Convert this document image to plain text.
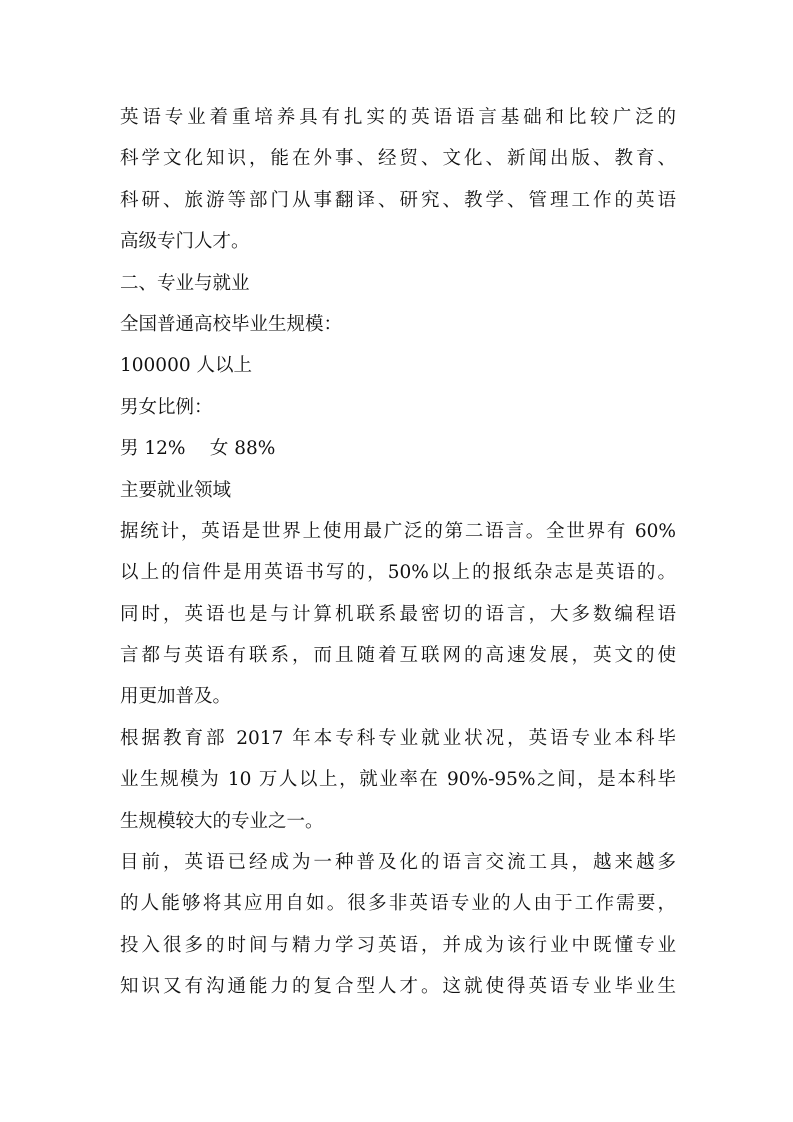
英语专业着重培养具有扎实的英语语言基础和比较广泛的
科学文化知识，能在外事、经贸、文化、新闻出版、教育、
科研、旅游等部门从事翻译、研究、教学、管理工作的英语
高级专门人才。
二、专业与就业
全国普通高校毕业生规模：
100000 人以上
男女比例：
男 12%　 女 88%
主要就业领域
据统计，英语是世界上使用最广泛的第二语言。全世界有 60%
以上的信件是用英语书写的，50%以上的报纸杂志是英语的。
同时，英语也是与计算机联系最密切的语言，大多数编程语
言都与英语有联系，而且随着互联网的高速发展，英文的使
用更加普及。
根据教育部 2017 年本专科专业就业状况，英语专业本科毕
业生规模为 10 万人以上，就业率在 90%-95%之间，是本科毕
生规模较大的专业之一。
目前，英语已经成为一种普及化的语言交流工具，越来越多
的人能够将其应用自如。很多非英语专业的人由于工作需要，
投入很多的时间与精力学习英语，并成为该行业中既懂专业
知识又有沟通能力的复合型人才。这就使得英语专业毕业生
